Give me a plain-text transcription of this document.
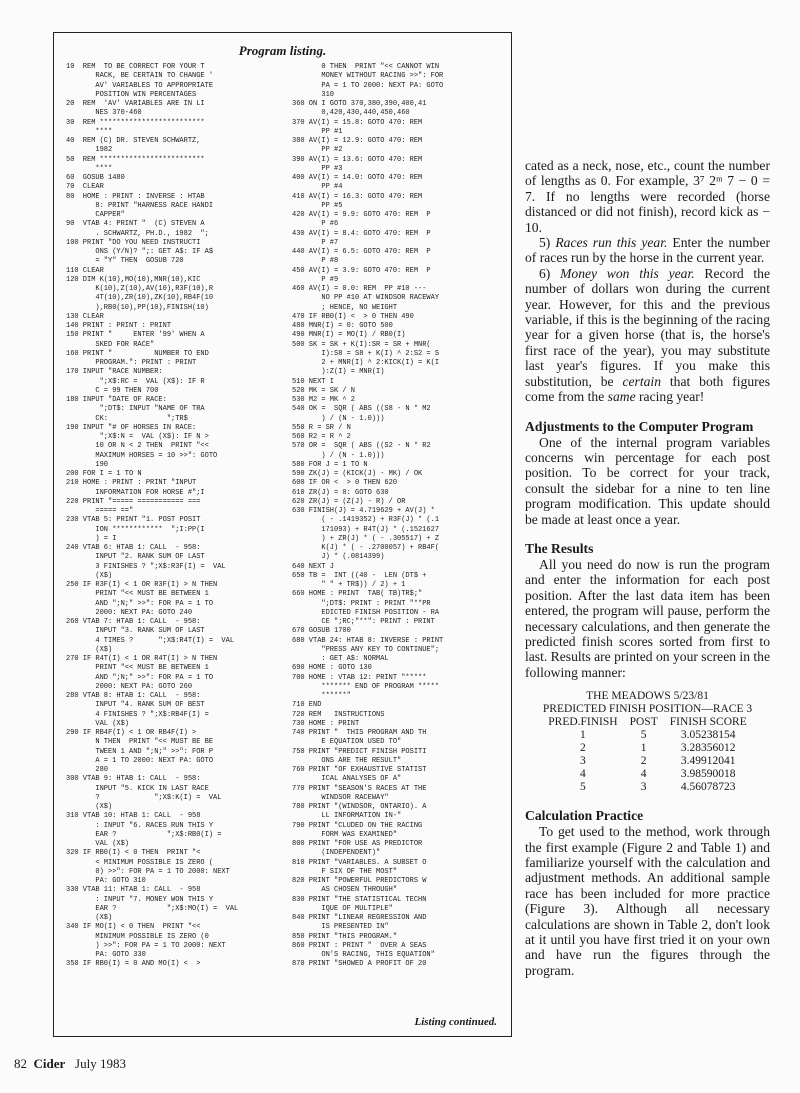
Program listing.
10  REM  TO BE CORRECT FOR YOUR T
RACK, BE CERTAIN TO CHANGE '
AV' VARIABLES TO APPROPRIATE
POSITION WIN PERCENTAGES
20  REM  'AV' VARIABLES ARE IN LI
NES 370-460
30  REM *************************
****
40  REM (C) DR. STEVEN SCHWARTZ,
1982
50  REM *************************
****
60  GOSUB 1480
70  CLEAR
80  HOME : PRINT : INVERSE : HTAB
8: PRINT "HARNESS RACE HANDI
CAPPER"
90  VTAB 4: PRINT "  (C) STEVEN A
. SCHWARTZ, PH.D., 1982  ";
100 PRINT "DO YOU NEED INSTRUCTI
ONS (Y/N)? ";: GET A$: IF A$
= "Y" THEN  GOSUB 720
110 CLEAR
120 DIM K(10),MO(10),MNR(10),KIC
K(10),Z(10),AV(10),R3F(10),R
4T(10),ZR(10),ZK(10),RB4F(10
),RB0(10),PP(10),FINISH(10)
130 CLEAR
140 PRINT : PRINT : PRINT
150 PRINT "     ENTER '99' WHEN A
SKED FOR RACE"
160 PRINT "          NUMBER TO END
PROGRAM.": PRINT : PRINT
170 INPUT "RACE NUMBER:
";X$:RC =  VAL (X$): IF R
C = 99 THEN 700
180 INPUT "DATE OF RACE:
";DT$: INPUT "NAME OF TRA
CK:              ";TR$
190 INPUT "# OF HORSES IN RACE:
";X$:N =  VAL (X$): IF N >
10 OR N < 2 THEN  PRINT "<<
MAXIMUM HORSES = 10 >>": GOTO
190
200 FOR I = 1 TO N
210 HOME : PRINT : PRINT "INPUT
INFORMATION FOR HORSE #";I
220 PRINT "===== =========== ===
===== =="
230 VTAB 5: PRINT "1. POST POSIT
ION ************  ";I:PP(I
) = I
240 VTAB 6: HTAB 1: CALL  - 958:
INPUT "2. RANK SUM OF LAST
3 FINISHES ? ";X$:R3F(I) =  VAL
(X$)
250 IF R3F(I) < 1 OR R3F(I) > N THEN
PRINT "<< MUST BE BETWEEN 1
AND ";N;" >>": FOR PA = 1 TO
2000: NEXT PA: GOTO 240
260 VTAB 7: HTAB 1: CALL  - 958:
INPUT "3. RANK SUM OF LAST
4 TIMES ?      ";X$:R4T(I) =  VAL
(X$)
270 IF R4T(I) < 1 OR R4T(I) > N THEN
PRINT "<< MUST BE BETWEEN 1
AND ";N;" >>": FOR PA = 1 TO
2000: NEXT PA: GOTO 260
280 VTAB 8: HTAB 1: CALL  - 958:
INPUT "4. RANK SUM OF BEST
4 FINISHES ? ";X$:RB4F(I) =
VAL (X$)
290 IF RB4F(I) < 1 OR RB4F(I) >
N THEN  PRINT "<< MUST BE BE
TWEEN 1 AND ";N;" >>": FOR P
A = 1 TO 2000: NEXT PA: GOTO
280
300 VTAB 9: HTAB 1: CALL  - 958:
INPUT "5. KICK IN LAST RACE
?             ";X$:K(I) =  VAL
(X$)
310 VTAB 10: HTAB 1: CALL  - 958
: INPUT "6. RACES RUN THIS Y
EAR ?            ";X$:RB0(I) =
VAL (X$)
320 IF RB0(I) < 0 THEN  PRINT "<
< MINIMUM POSSIBLE IS ZERO (
0) >>": FOR PA = 1 TO 2000: NEXT
PA: GOTO 310
330 VTAB 11: HTAB 1: CALL  - 958
: INPUT "7. MONEY WON THIS Y
EAR ?            ";X$:MO(I) =  VAL
(X$)
340 IF MO(I) < 0 THEN  PRINT "<<
MINIMUM POSSIBLE IS ZERO (0
) >>": FOR PA = 1 TO 2000: NEXT
PA: GOTO 330
350 IF RB0(I) = 0 AND MO(I) <  >
0 THEN  PRINT "<< CANNOT WIN
MONEY WITHOUT RACING >>": FOR
PA = 1 TO 2000: NEXT PA: GOTO
310
360 ON I GOTO 370,380,390,400,41
0,420,430,440,450,460
370 AV(I) = 15.8: GOTO 470: REM
PP #1
380 AV(I) = 12.9: GOTO 470: REM
PP #2
390 AV(I) = 13.6: GOTO 470: REM
PP #3
400 AV(I) = 14.0: GOTO 470: REM
PP #4
410 AV(I) = 16.3: GOTO 470: REM
PP #5
420 AV(I) = 9.9: GOTO 470: REM  P
P #6
430 AV(I) = 8.4: GOTO 470: REM  P
P #7
440 AV(I) = 6.5: GOTO 470: REM  P
P #8
450 AV(I) = 3.9: GOTO 470: REM  P
P #9
460 AV(I) = 0.0: REM  PP #10 ---
NO PP #10 AT WINDSOR RACEWAY
; HENCE, NO WEIGHT
470 IF RB0(I) <  > 0 THEN 490
480 MNR(I) = 0: GOTO 500
490 MNR(I) = MO(I) / RB0(I)
500 SK = SK + K(I):SR = SR + MNR(
I):S8 = S8 + K(I) ^ 2:S2 = S
2 + MNR(I) ^ 2:KICK(I) = K(I
):Z(I) = MNR(I)
510 NEXT I
520 MK = SK / N
530 M2 = MK ^ 2
540 OK =  SQR ( ABS ((S8 - N * M2
) / (N - 1.0)))
550 R = SR / N
560 R2 = R ^ 2
570 OR =  SQR ( ABS ((S2 - N * R2
) / (N - 1.0)))
580 FOR J = 1 TO N
590 ZK(J) = (KICK(J) - MK) / OK
600 IF OR <  > 0 THEN 620
610 ZR(J) = 0: GOTO 630
620 ZR(J) = (Z(J) - R) / OR
630 FINISH(J) = 4.719629 + AV(J) *
( - .1419352) + R3F(J) * (.1
171093) + R4T(J) * (.1521627
) + ZR(J) * ( - .305517) + Z
K(J) * ( - .2700057) + RB4F(
J) * (.0814399)
640 NEXT J
650 TB =  INT ((40 -  LEN (DT$ +
" " + TR$)) / 2) + 1
660 HOME : PRINT  TAB( TB)TR$;"
";DT$: PRINT : PRINT "**PR
EDICTED FINISH POSITION - RA
CE ";RC;"**": PRINT : PRINT
670 GOSUB 1700
680 VTAB 24: HTAB 8: INVERSE : PRINT
"PRESS ANY KEY TO CONTINUE";
: GET A$: NORMAL
690 HOME : GOTO 130
700 HOME : VTAB 12: PRINT "*****
******* END OF PROGRAM *****
******"
710 END
720 REM   INSTRUCTIONS
730 HOME : PRINT
740 PRINT "  THIS PROGRAM AND TH
E EQUATION USED TO"
750 PRINT "PREDICT FINISH POSITI
ONS ARE THE RESULT"
760 PRINT "OF EXHAUSTIVE STATIST
ICAL ANALYSES OF A"
770 PRINT "SEASON'S RACES AT THE
WINDSOR RACEWAY"
780 PRINT "(WINDSOR, ONTARIO). A
LL INFORMATION IN-"
790 PRINT "CLUDED ON THE RACING
FORM WAS EXAMINED"
800 PRINT "FOR USE AS PREDICTOR
(INDEPENDENT)"
810 PRINT "VARIABLES. A SUBSET O
F SIX OF THE MOST"
820 PRINT "POWERFUL PREDICTORS W
AS CHOSEN THROUGH"
830 PRINT "THE STATISTICAL TECHN
IQUE OF MULTIPLE"
840 PRINT "LINEAR REGRESSION AND
IS PRESENTED IN"
850 PRINT "THIS PROGRAM."
860 PRINT : PRINT "  OVER A SEAS
ON'S RACING, THIS EQUATION"
870 PRINT "SHOWED A PROFIT OF 20
Listing continued.

cated as a neck, nose, etc., count the number of lengths as 0. For example, 3⁷ 2ᵐ 7 − 0 = 7. If no lengths were recorded (horse distanced or did not finish), record kick as − 10.

5) Races run this year. Enter the number of races run by the horse in the current year.

6) Money won this year. Record the number of dollars won during the current year. However, for this and the previous variable, if this is the beginning of the racing year for a given horse (that is, the horse's first race of the year), you may substitute last year's figures. If you make this substitution, be certain that both figures come from the same racing year!

Adjustments to the Computer Program

One of the internal program variables concerns win percentage for each post position. To be correct for your track, consult the sidebar for a nine to ten line program modification. This update should be made at least once a year.

The Results

All you need do now is run the program and enter the information for each post position. After the last data item has been entered, the program will pause, perform the necessary calculations, and then generate the predicted finish scores sorted from first to last. Results are printed on your screen in the following manner:

THE MEADOWS 5/23/81
PREDICTED FINISH POSITION—RACE 3
PRED.FINISH	POST	FINISH SCORE
1	5	3.05238154
2	1	3.28356012
3	2	3.49912041
4	4	3.98590018
5	3	4.56078723
Calculation Practice

To get used to the method, work through the first example (Figure 2 and Table 1) and familiarize yourself with the calculation and adjustment methods. An additional sample race has been included for more practice (Figure 3). Although all necessary calculations are shown in Table 2, don't look at it until you have first tried it on your own and have run the figures through the program.

82 Cider July 1983
